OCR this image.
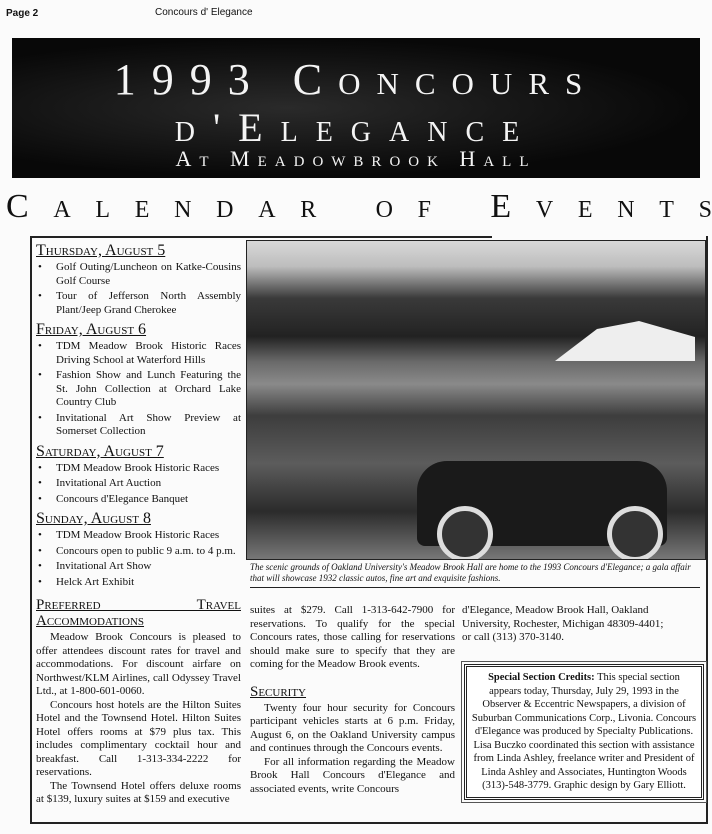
Page 2	Concours d' Elegance
1993 Concours
d'Elegance
At Meadowbrook Hall
C a l e n d a r o f E v e n t s
Thursday, August 5
• Golf Outing/Luncheon on Katke-Cousins Golf Course
• Tour of Jefferson North Assembly Plant/Jeep Grand Cherokee
Friday, August 6
• TDM Meadow Brook Historic Races Driving School at Waterford Hills
• Fashion Show and Lunch Featuring the St. John Collection at Orchard Lake Country Club
• Invitational Art Show Preview at Somerset Collection
Saturday, August 7
• TDM Meadow Brook Historic Races
• Invitational Art Auction
• Concours d'Elegance Banquet
Sunday, August 8
• TDM Meadow Brook Historic Races
• Concours open to public 9 a.m. to 4 p.m.
• Invitational Art Show
• Helck Art Exhibit
Preferred Travel Accommodations

Meadow Brook Concours is pleased to offer attendees discount rates for travel and accommodations. For discount airfare on Northwest/KLM Airlines, call Odyssey Travel Ltd., at 1-800-601-0060.

Concours host hotels are the Hilton Suites Hotel and the Townsend Hotel. Hilton Suites Hotel offers rooms at $79 plus tax. This includes complimentary cocktail hour and breakfast. Call 1-313-334-2222 for reservations.

The Townsend Hotel offers deluxe rooms at $139, luxury suites at $159 and executive

The scenic grounds of Oakland University's Meadow Brook Hall are home to the 1993 Concours d'Elegance; a gala affair that will showcase 1932 classic autos, fine art and exquisite fashions.

suites at $279. Call 1-313-642-7900 for reservations. To qualify for the special Concours rates, those calling for reservations should make sure to specify that they are coming for the Meadow Brook events.

Security

Twenty four hour security for Concours participant vehicles starts at 6 p.m. Friday, August 6, on the Oakland University campus and continues through the Concours events.

For all information regarding the Meadow Brook Hall Concours d'Elegance and associated events, write Concours

d'Elegance, Meadow Brook Hall, Oakland University, Rochester, Michigan 48309-4401; or call (313) 370-3140.

Special Section Credits: This special section appears today, Thursday, July 29, 1993 in the Observer & Eccentric Newspapers, a division of Suburban Communications Corp., Livonia. Concours d'Elegance was produced by Specialty Publications. Lisa Buczko coordinated this section with assistance from Linda Ashley, freelance writer and President of Linda Ashley and Associates, Huntington Woods (313)-548-3779. Graphic design by Gary Elliott.
